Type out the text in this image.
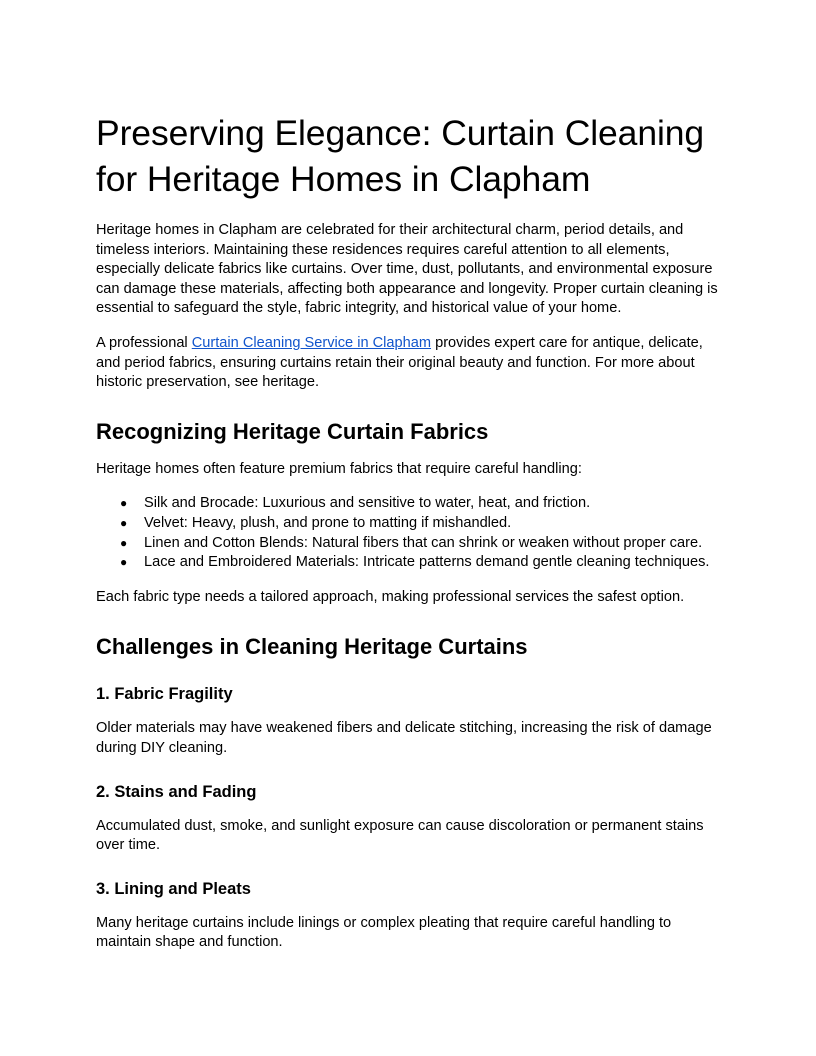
Preserving Elegance: Curtain Cleaning for Heritage Homes in Clapham

Heritage homes in Clapham are celebrated for their architectural charm, period details, and timeless interiors. Maintaining these residences requires careful attention to all elements, especially delicate fabrics like curtains. Over time, dust, pollutants, and environmental exposure can damage these materials, affecting both appearance and longevity. Proper curtain cleaning is essential to safeguard the style, fabric integrity, and historical value of your home.

A professional Curtain Cleaning Service in Clapham provides expert care for antique, delicate, and period fabrics, ensuring curtains retain their original beauty and function. For more about historic preservation, see heritage.

Recognizing Heritage Curtain Fabrics

Heritage homes often feature premium fabrics that require careful handling:

● Silk and Brocade: Luxurious and sensitive to water, heat, and friction.
● Velvet: Heavy, plush, and prone to matting if mishandled.
● Linen and Cotton Blends: Natural fibers that can shrink or weaken without proper care.
● Lace and Embroidered Materials: Intricate patterns demand gentle cleaning techniques.

Each fabric type needs a tailored approach, making professional services the safest option.

Challenges in Cleaning Heritage Curtains
1. Fabric Fragility

Older materials may have weakened fibers and delicate stitching, increasing the risk of damage during DIY cleaning.

2. Stains and Fading

Accumulated dust, smoke, and sunlight exposure can cause discoloration or permanent stains over time.

3. Lining and Pleats

Many heritage curtains include linings or complex pleating that require careful handling to maintain shape and function.
